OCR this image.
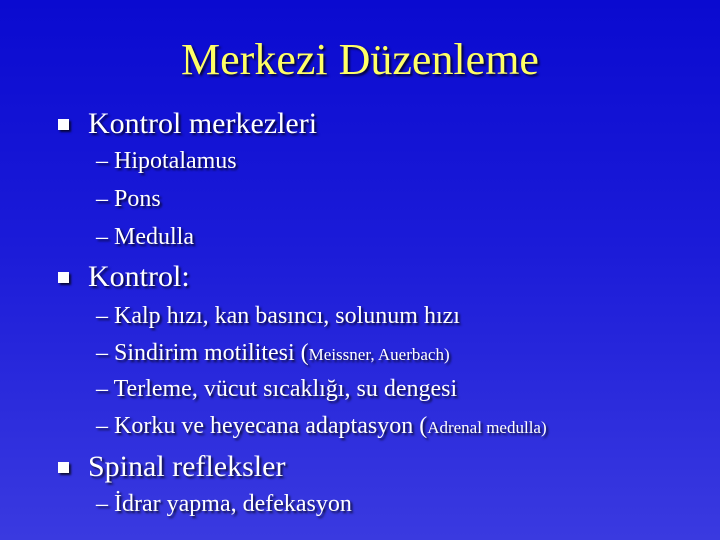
Merkezi Düzenleme
Kontrol merkezleri
– Hipotalamus
– Pons
– Medulla
Kontrol:
– Kalp hızı, kan basıncı, solunum hızı
– Sindirim motilitesi (Meissner, Auerbach)
– Terleme, vücut sıcaklığı, su dengesi
– Korku ve heyecana adaptasyon (Adrenal medulla)
Spinal refleksler
– İdrar yapma, defekasyon
